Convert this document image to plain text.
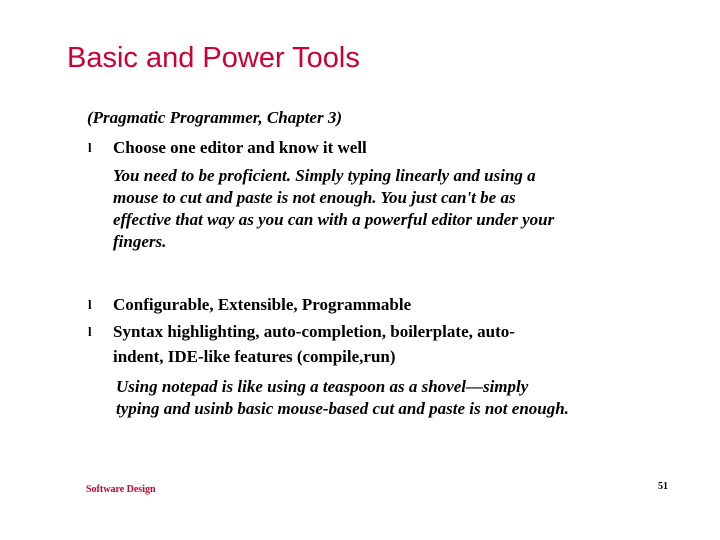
Basic and Power Tools
(Pragmatic Programmer, Chapter 3)
l	Choose one editor and know it well
You need to be proficient. Simply typing linearly and using a
mouse to cut and paste is not enough. You just can't be as
effective that way as you can with a powerful editor under your
fingers.
l	Configurable, Extensible, Programmable
l	Syntax highlighting, auto-completion, boilerplate, auto-
indent, IDE-like features (compile,run)
Using notepad is like using a teaspoon as a shovel—simply
typing and usinb basic mouse-based cut and paste is not enough.
Software Design	51
